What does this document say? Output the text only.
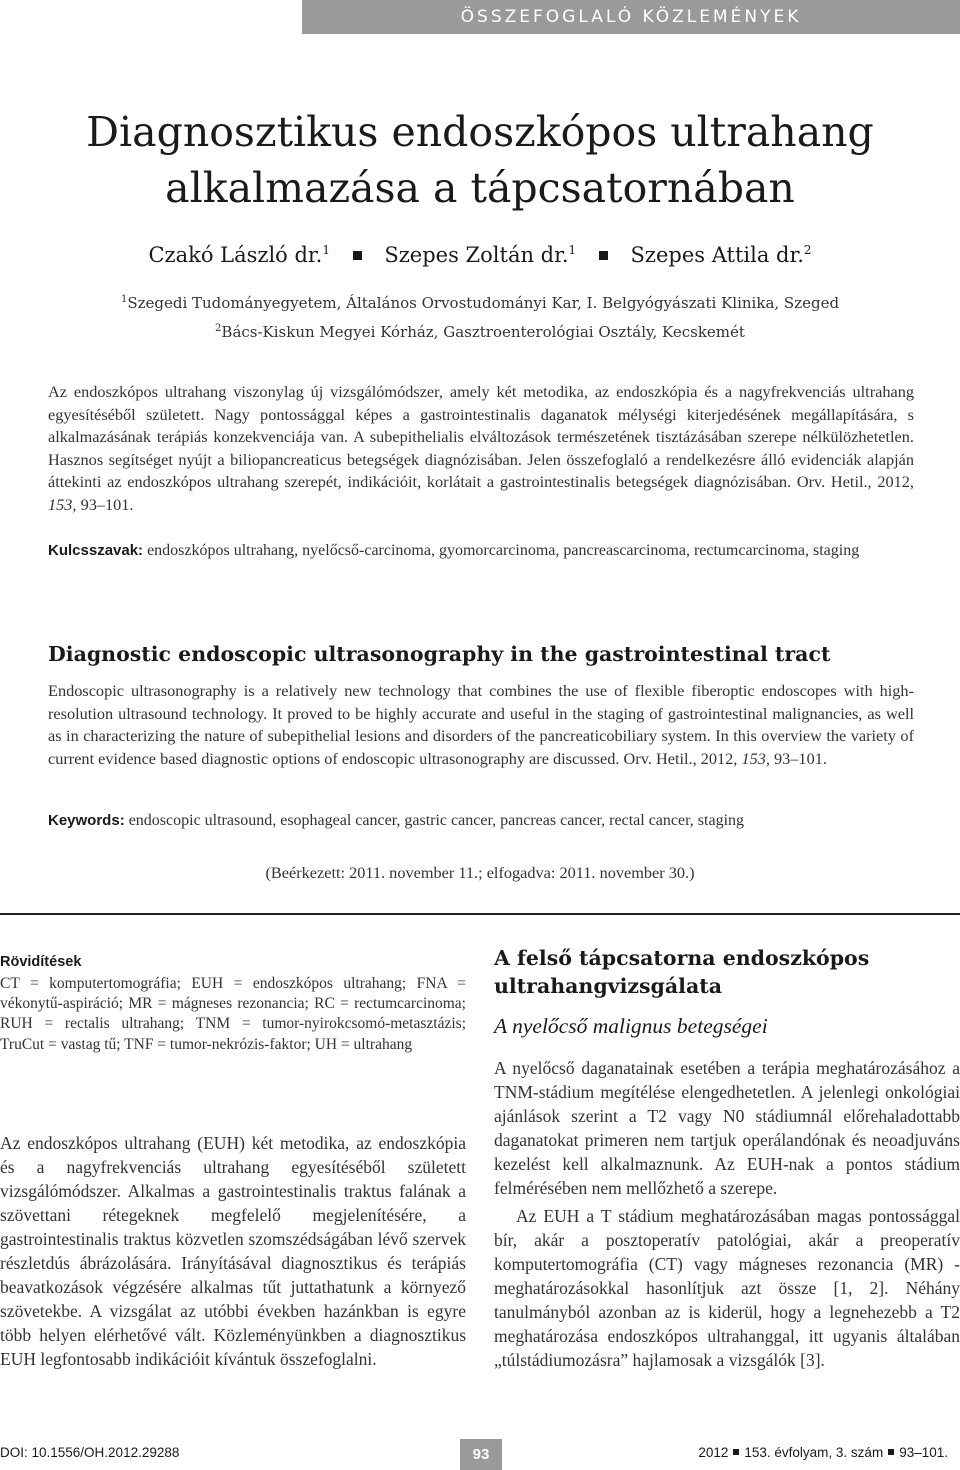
ÖSSZEFOGLALÓ KÖZLEMÉNYEK
Diagnosztikus endoszkópos ultrahang
alkalmazása a tápcsatornában
Czakó László dr.$^1$	Szepes Zoltán dr.$^1$	Szepes Attila dr.$^2$
$^1$Szegedi Tudományegyetem, Általános Orvostudományi Kar, I. Belgyógyászati Klinika, Szeged
$^2$Bács-Kiskun Megyei Kórház, Gasztroenterológiai Osztály, Kecskemét
Az endoszkópos ultrahang viszonylag új vizsgálómódszer, amely két metodika, az endoszkópia és a nagyfrekvenciás ultrahang egyesítéséből született. Nagy pontossággal képes a gastrointestinalis daganatok mélységi kiterjedésének megállapítására, s alkalmazásának terápiás konzekvenciája van. A subepithelialis elváltozások természetének tisztázásában szerepe nélkülözhetetlen. Hasznos segítséget nyújt a biliopancreaticus betegségek diagnózisában. Jelen összefoglaló a rendelkezésre álló evidenciák alapján áttekinti az endoszkópos ultrahang szerepét, indikációit, korlátait a gastrointestinalis betegségek diagnózisában. Orv. Hetil., 2012, 153, 93–101.
Kulcsszavak: endoszkópos ultrahang, nyelőcső-carcinoma, gyomorcarcinoma, pancreascarcinoma, rectumcarcinoma, staging
Diagnostic endoscopic ultrasonography in the gastrointestinal tract
Endoscopic ultrasonography is a relatively new technology that combines the use of flexible fiberoptic endoscopes with high-resolution ultrasound technology. It proved to be highly accurate and useful in the staging of gastrointestinal malignancies, as well as in characterizing the nature of subepithelial lesions and disorders of the pancreaticobiliary system. In this overview the variety of current evidence based diagnostic options of endoscopic ultrasonography are discussed. Orv. Hetil., 2012, 153, 93–101.
Keywords: endoscopic ultrasound, esophageal cancer, gastric cancer, pancreas cancer, rectal cancer, staging
(Beérkezett: 2011. november 11.; elfogadva: 2011. november 30.)
Rövidítések
CT = komputertomográfia; EUH = endoszkópos ultrahang; FNA = vékonytű-aspiráció; MR = mágneses rezonancia; RC = rectumcarcinoma; RUH = rectalis ultrahang; TNM = tumor-nyirokcsomó-metasztázis; TruCut = vastag tű; TNF = tumor-nekrózis-faktor; UH = ultrahang
Az endoszkópos ultrahang (EUH) két metodika, az endoszkópia és a nagyfrekvenciás ultrahang egyesítéséből született vizsgálómódszer. Alkalmas a gastrointestinalis traktus falának a szövettani rétegeknek megfelelő megjelenítésére, a gastrointestinalis traktus közvetlen szomszédságában lévő szervek részletdús ábrázolására. Irányításával diagnosztikus és terápiás beavatkozások végzésére alkalmas tűt juttathatunk a környező szövetekbe. A vizsgálat az utóbbi években hazánkban is egyre több helyen elérhetővé vált. Közleményünkben a diagnosztikus EUH legfontosabb indikációit kívántuk összefoglalni.
A felső tápcsatorna endoszkópos ultrahangvizsgálata
A nyelőcső malignus betegségei
A nyelőcső daganatainak esetében a terápia meghatározásához a TNM-stádium megítélése elengedhetetlen. A jelenlegi onkológiai ajánlások szerint a T2 vagy N0 stádiumnál előrehaladottabb daganatokat primeren nem tartjuk operálandónak és neoadjuváns kezelést kell alkalmaznunk. Az EUH-nak a pontos stádium felmérésében nem mellőzhető a szerepe.
Az EUH a T stádium meghatározásában magas pontossággal bír, akár a posztoperatív patológiai, akár a preoperatív komputertomográfia (CT) vagy mágneses rezonancia (MR) -meghatározásokkal hasonlítjuk azt össze [1, 2]. Néhány tanulmányból azonban az is kiderül, hogy a legnehezebb a T2 meghatározása endoszkópos ultrahanggal, itt ugyanis általában „túlstádiumozásra” hajlamosak a vizsgálók [3].
DOI: 10.1556/OH.2012.29288	93	2012 153. évfolyam, 3. szám 93–101.
